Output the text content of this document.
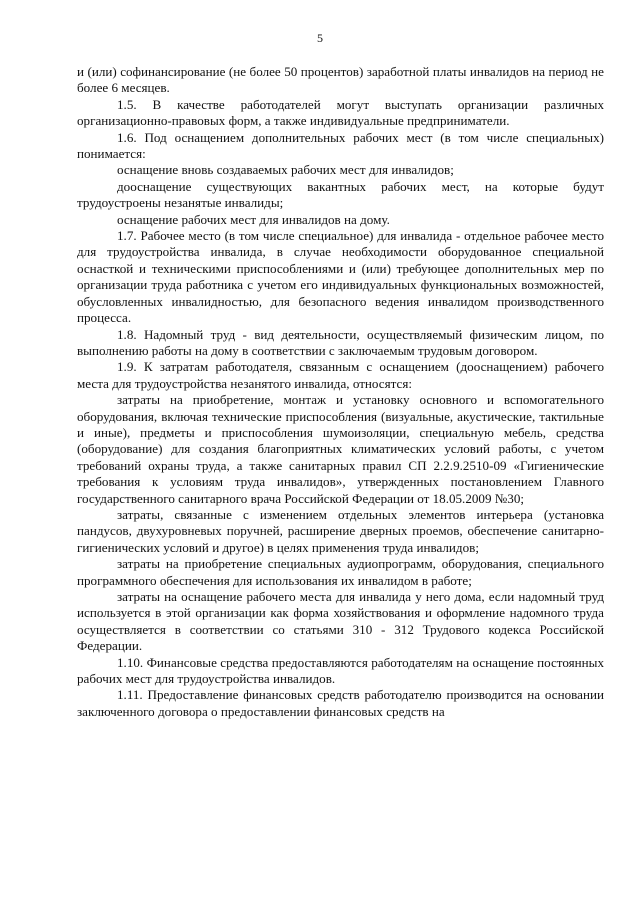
5

и (или) софинансирование (не более 50 процентов) заработной платы инвалидов на период не более 6 месяцев.

1.5. В качестве работодателей могут выступать организации различных организационно-правовых форм, а также индивидуальные предприниматели.

1.6. Под оснащением дополнительных рабочих мест (в том числе специальных) понимается:

оснащение вновь создаваемых рабочих мест для инвалидов;

дооснащение существующих вакантных рабочих мест, на которые будут трудоустроены незанятые инвалиды;

оснащение рабочих мест для инвалидов на дому.

1.7. Рабочее место (в том числе специальное) для инвалида - отдельное рабочее место для трудоустройства инвалида, в случае необходимости оборудованное специальной оснасткой и техническими приспособлениями и (или) требующее дополнительных мер по организации труда работника с учетом его индивидуальных функциональных возможностей, обусловленных инвалидностью, для безопасного ведения инвалидом производственного процесса.

1.8. Надомный труд - вид деятельности, осуществляемый физическим лицом, по выполнению работы на дому в соответствии с заключаемым трудовым договором.

1.9. К затратам работодателя, связанным с оснащением (дооснащением) рабочего места для трудоустройства незанятого инвалида, относятся:

затраты на приобретение, монтаж и установку основного и вспомогательного оборудования, включая технические приспособления (визуальные, акустические, тактильные и иные), предметы и приспособления шумоизоляции, специальную мебель, средства (оборудование) для создания благоприятных климатических условий работы, с учетом требований охраны труда, а также санитарных правил СП 2.2.9.2510-09 «Гигиенические требования к условиям труда инвалидов», утвержденных постановлением Главного государственного санитарного врача Российской Федерации от 18.05.2009 №30;

затраты, связанные с изменением отдельных элементов интерьера (установка пандусов, двухуровневых поручней, расширение дверных проемов, обеспечение санитарно-гигиенических условий и другое) в целях применения труда инвалидов;

затраты на приобретение специальных аудиопрограмм, оборудования, специального программного обеспечения для использования их инвалидом в работе;

затраты на оснащение рабочего места для инвалида у него дома, если надомный труд используется в этой организации как форма хозяйствования и оформление надомного труда осуществляется в соответствии со статьями 310 - 312 Трудового кодекса Российской Федерации.

1.10. Финансовые средства предоставляются работодателям на оснащение постоянных рабочих мест для трудоустройства инвалидов.

1.11. Предоставление финансовых средств работодателю производится на основании заключенного договора о предоставлении финансовых средств на
